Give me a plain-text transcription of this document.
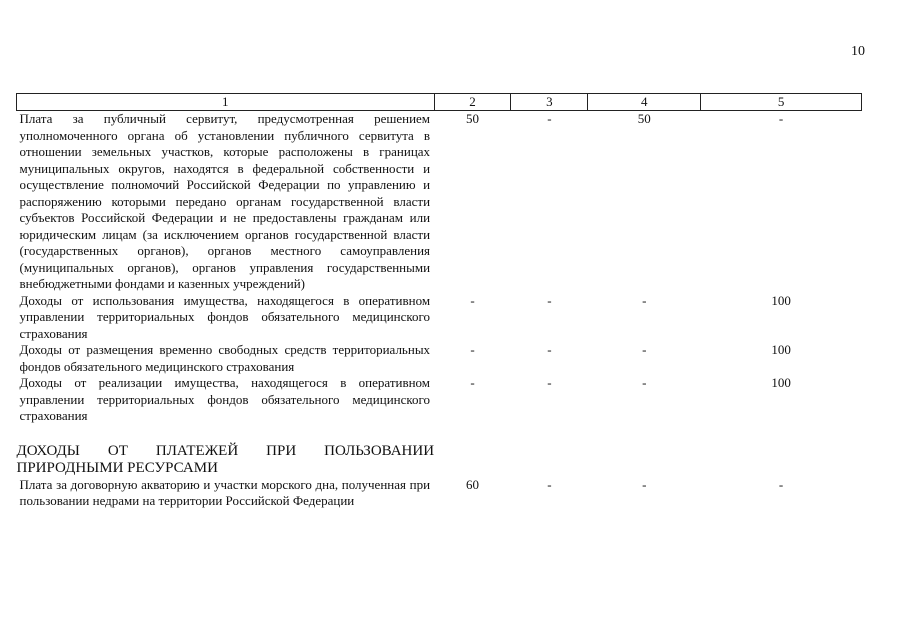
10
1	2	3	4	5
Плата за публичный сервитут, предусмотренная решением уполномоченного органа об установлении публичного сервитута в отношении земельных участков, которые расположены в границах муниципальных округов, находятся в федеральной собственности и осуществление полномочий Российской Федерации по управлению и распоряжению которыми передано органам государственной власти субъектов Российской Федерации и не предоставлены гражданам или юридическим лицам (за исключением органов государственной власти (государственных органов), органов местного самоуправления (муниципальных органов), органов управления государственными внебюджетными фондами и казенных учреждений)	50	-	50	-
Доходы от использования имущества, находящегося в оперативном управлении территориальных фондов обязательного медицинского страхования	-	-	-	100
Доходы от размещения временно свободных средств территориальных фондов обязательного медицинского страхования	-	-	-	100
Доходы от реализации имущества, находящегося в оперативном управлении территориальных фондов обязательного медицинского страхования	-	-	-	100

ДОХОДЫ ОТ ПЛАТЕЖЕЙ ПРИ ПОЛЬЗОВАНИИ ПРИРОДНЫМИ РЕСУРСАМИ				
Плата за договорную акваторию и участки морского дна, полученная при пользовании недрами на территории Российской Федерации	60	-	-	-
